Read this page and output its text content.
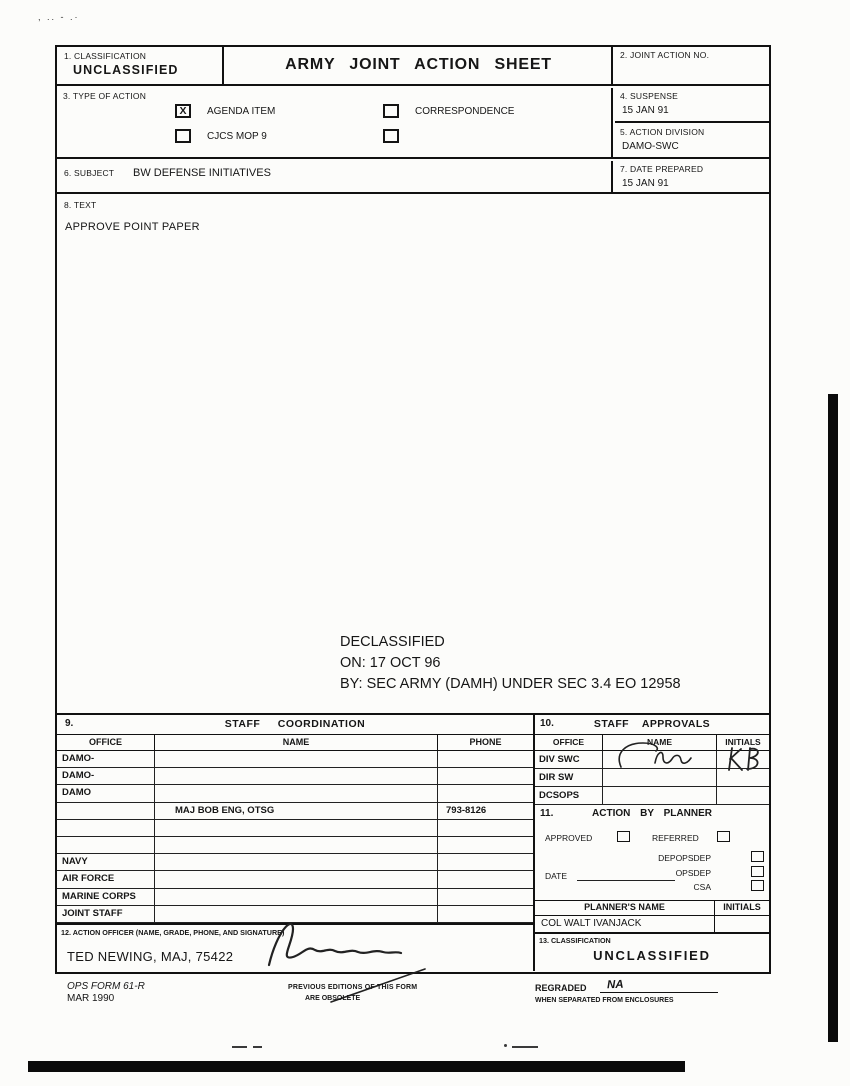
, .. - .·
1. CLASSIFICATION
UNCLASSIFIED	ARMY JOINT ACTION SHEET
2. JOINT ACTION NO.
3. TYPE OF ACTION
X	AGENDA ITEM	CORRESPONDENCE
CJCS MOP 9
4. SUSPENSE
15 JAN 91
5. ACTION DIVISION
DAMO-SWC
6. SUBJECT BW DEFENSE INITIATIVES	7. DATE PREPARED
15 JAN 91
8. TEXT
APPROVE POINT PAPER
DECLASSIFIED
ON: 17 OCT 96
BY: SEC ARMY (DAMH) UNDER SEC 3.4 EO 12958
9.	STAFF COORDINATION
OFFICE	NAME	PHONE
DAMO-
DAMO-
DAMO
MAJ BOB ENG, OTSG	793-8126
NAVY
AIR FORCE
MARINE CORPS
JOINT STAFF
12. ACTION OFFICER (NAME, GRADE, PHONE, AND SIGNATURE)
TED NEWING, MAJ, 75422
10.	STAFF APPROVALS
OFFICE	NAME	INITIALS
DIV SWC
DIR SW
DCSOPS
11.	ACTION BY PLANNER
APPROVED	REFERRED
DEPOPSDEP
OPSDEP
DATE
CSA
PLANNER'S NAME	INITIALS
COL WALT IVANJACK
13. CLASSIFICATION
UNCLASSIFIED
OPS FORM 61-R
MAR 1990
PREVIOUS EDITIONS OF THIS FORM
ARE OBSOLETE
REGRADED NA
WHEN SEPARATED FROM ENCLOSURES
